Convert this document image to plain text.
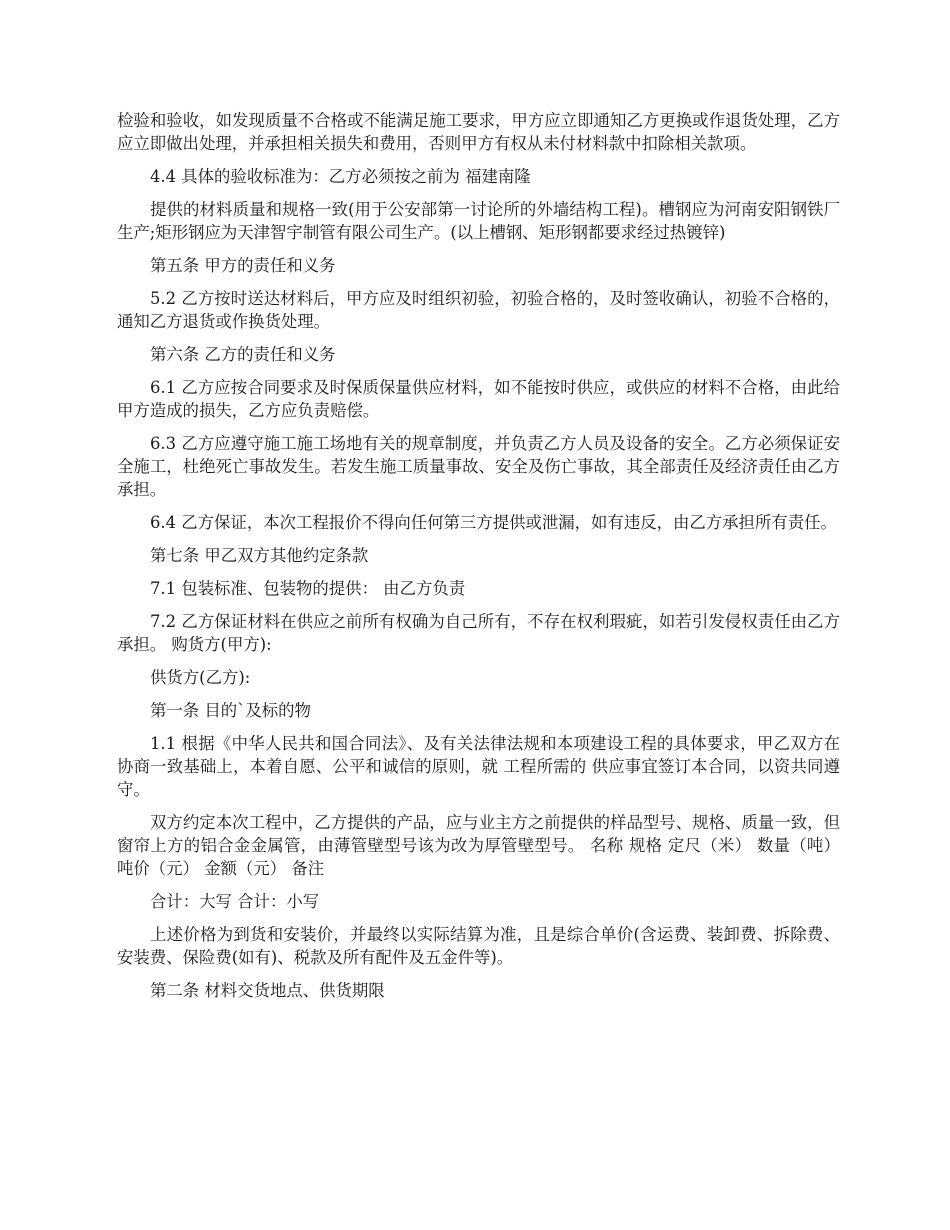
检验和验收，如发现质量不合格或不能满足施工要求，甲方应立即通知乙方更换或作退货处理，乙方应立即做出处理，并承担相关损失和费用，否则甲方有权从未付材料款中扣除相关款项。

4.4 具体的验收标准为：乙方必须按之前为 福建南隆

提供的材料质量和规格一致(用于公安部第一讨论所的外墙结构工程)。槽钢应为河南安阳钢铁厂生产;矩形钢应为天津智宇制管有限公司生产。(以上槽钢、矩形钢都要求经过热镀锌)

第五条 甲方的责任和义务

5.2 乙方按时送达材料后，甲方应及时组织初验，初验合格的，及时签收确认，初验不合格的，通知乙方退货或作换货处理。

第六条 乙方的责任和义务

6.1 乙方应按合同要求及时保质保量供应材料，如不能按时供应，或供应的材料不合格，由此给甲方造成的损失，乙方应负责赔偿。

6.3 乙方应遵守施工施工场地有关的规章制度，并负责乙方人员及设备的安全。乙方必须保证安全施工，杜绝死亡事故发生。若发生施工质量事故、安全及伤亡事故，其全部责任及经济责任由乙方承担。

6.4 乙方保证，本次工程报价不得向任何第三方提供或泄漏，如有违反，由乙方承担所有责任。

第七条 甲乙双方其他约定条款

7.1 包装标准、包装物的提供： 由乙方负责

7.2 乙方保证材料在供应之前所有权确为自己所有，不存在权利瑕疵，如若引发侵权责任由乙方承担。 购货方(甲方):

供货方(乙方):

第一条 目的`及标的物

1.1 根据《中华人民共和国合同法》、及有关法律法规和本项建设工程的具体要求，甲乙双方在协商一致基础上，本着自愿、公平和诚信的原则，就 工程所需的 供应事宜签订本合同，以资共同遵守。

双方约定本次工程中，乙方提供的产品，应与业主方之前提供的样品型号、规格、质量一致，但窗帘上方的铝合金金属管，由薄管壁型号该为改为厚管壁型号。 名称 规格 定尺（米） 数量（吨） 吨价（元） 金额（元） 备注

合计：大写 合计：小写

上述价格为到货和安装价，并最终以实际结算为准，且是综合单价(含运费、装卸费、拆除费、安装费、保险费(如有)、税款及所有配件及五金件等)。

第二条 材料交货地点、供货期限
